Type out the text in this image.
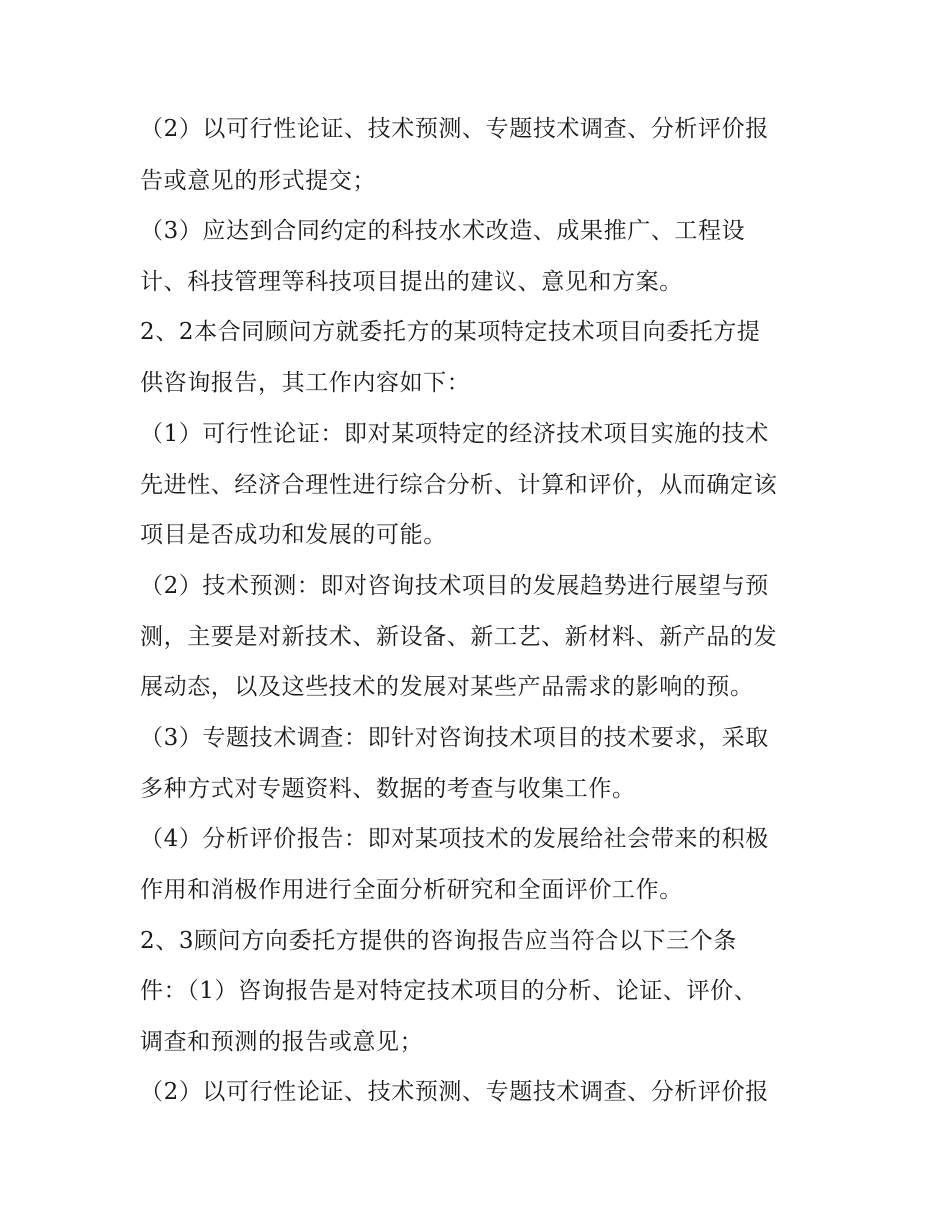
（2）以可行性论证、技术预测、专题技术调查、分析评价报
告或意见的形式提交；
（3）应达到合同约定的科技水术改造、成果推广、工程设
计、科技管理等科技项目提出的建议、意见和方案。
2、2本合同顾问方就委托方的某项特定技术项目向委托方提
供咨询报告，其工作内容如下：
（1）可行性论证：即对某项特定的经济技术项目实施的技术
先进性、经济合理性进行综合分析、计算和评价，从而确定该
项目是否成功和发展的可能。
（2）技术预测：即对咨询技术项目的发展趋势进行展望与预
测，主要是对新技术、新设备、新工艺、新材料、新产品的发
展动态，以及这些技术的发展对某些产品需求的影响的预。
（3）专题技术调查：即针对咨询技术项目的技术要求，采取
多种方式对专题资料、数据的考查与收集工作。
（4）分析评价报告：即对某项技术的发展给社会带来的积极
作用和消极作用进行全面分析研究和全面评价工作。
2、3顾问方向委托方提供的咨询报告应当符合以下三个条
件：（1）咨询报告是对特定技术项目的分析、论证、评价、
调查和预测的报告或意见；
（2）以可行性论证、技术预测、专题技术调查、分析评价报
